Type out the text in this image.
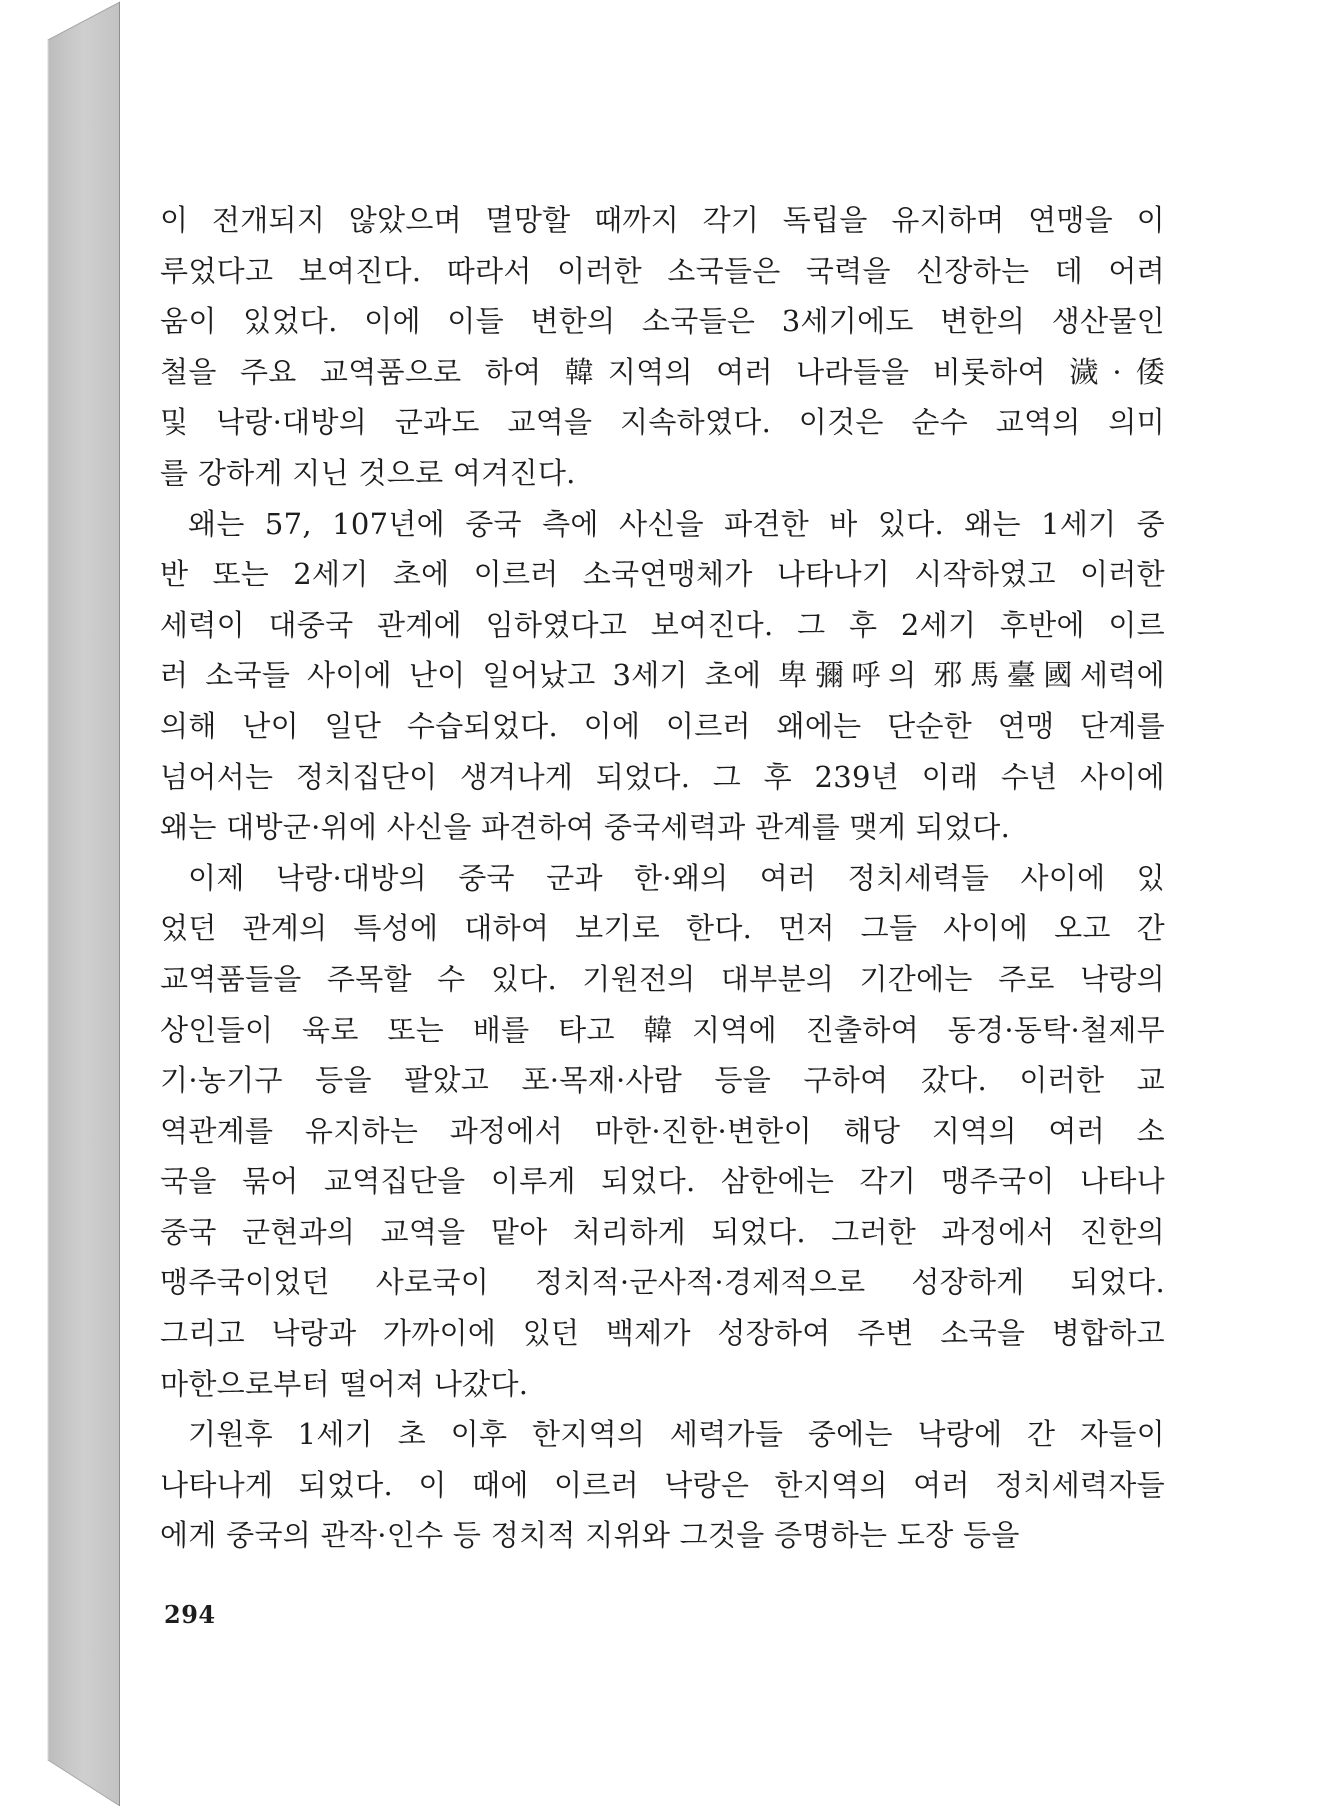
이 전개되지 않았으며 멸망할 때까지 각기 독립을 유지하며 연맹을 이
루었다고 보여진다. 따라서 이러한 소국들은 국력을 신장하는 데 어려
움이 있었다. 이에 이들 변한의 소국들은 3세기에도 변한의 생산물인
철을 주요 교역품으로 하여 韓지역의 여러 나라들을 비롯하여 濊·倭
및 낙랑·대방의 군과도 교역을 지속하였다. 이것은 순수 교역의 의미
를 강하게 지닌 것으로 여겨진다.
왜는 57, 107년에 중국 측에 사신을 파견한 바 있다. 왜는 1세기 중
반 또는 2세기 초에 이르러 소국연맹체가 나타나기 시작하였고 이러한
세력이 대중국 관계에 임하였다고 보여진다. 그 후 2세기 후반에 이르
러 소국들 사이에 난이 일어났고 3세기 초에 卑彌呼의 邪馬臺國세력에
의해 난이 일단 수습되었다. 이에 이르러 왜에는 단순한 연맹 단계를
넘어서는 정치집단이 생겨나게 되었다. 그 후 239년 이래 수년 사이에
왜는 대방군·위에 사신을 파견하여 중국세력과 관계를 맺게 되었다.
이제 낙랑·대방의 중국 군과 한·왜의 여러 정치세력들 사이에 있
었던 관계의 특성에 대하여 보기로 한다. 먼저 그들 사이에 오고 간
교역품들을 주목할 수 있다. 기원전의 대부분의 기간에는 주로 낙랑의
상인들이 육로 또는 배를 타고 韓지역에 진출하여 동경·동탁·철제무
기·농기구 등을 팔았고 포·목재·사람 등을 구하여 갔다. 이러한 교
역관계를 유지하는 과정에서 마한·진한·변한이 해당 지역의 여러 소
국을 묶어 교역집단을 이루게 되었다. 삼한에는 각기 맹주국이 나타나
중국 군현과의 교역을 맡아 처리하게 되었다. 그러한 과정에서 진한의
맹주국이었던 사로국이 정치적·군사적·경제적으로 성장하게 되었다.
그리고 낙랑과 가까이에 있던 백제가 성장하여 주변 소국을 병합하고
마한으로부터 떨어져 나갔다.
기원후 1세기 초 이후 한지역의 세력가들 중에는 낙랑에 간 자들이
나타나게 되었다. 이 때에 이르러 낙랑은 한지역의 여러 정치세력자들
에게 중국의 관작·인수 등 정치적 지위와 그것을 증명하는 도장 등을
294
